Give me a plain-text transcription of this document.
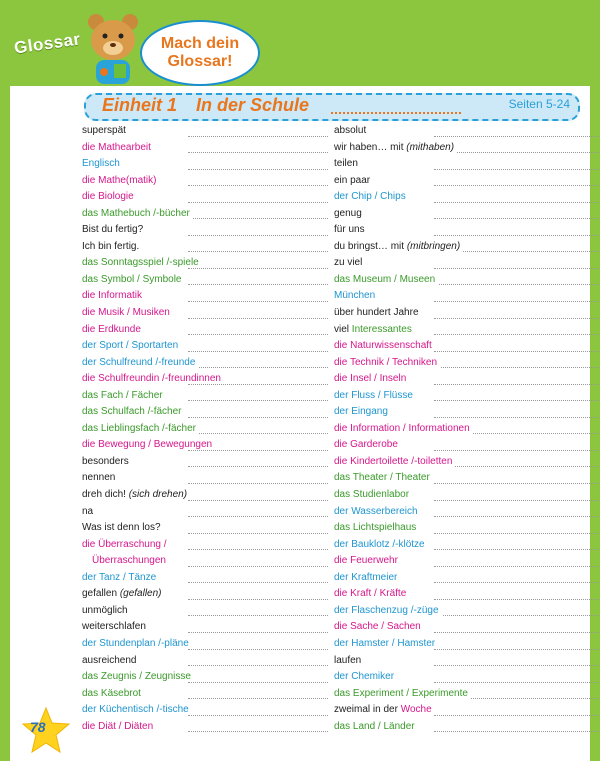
Glossar	Mach dein
Glossar!
Einheit 1 In der Schule	Seiten 5-24
superspät
die Mathearbeit
Englisch
die Mathe(matik)
die Biologie
das Mathebuch /-bücher
Bist du fertig?
Ich bin fertig.
das Sonntagsspiel /-spiele
das Symbol / Symbole
die Informatik
die Musik / Musiken
die Erdkunde
der Sport / Sportarten
der Schulfreund /-freunde
die Schulfreundin /-freundinnen
das Fach / Fächer
das Schulfach /-fächer
das Lieblingsfach /-fächer
die Bewegung / Bewegungen
besonders
nennen
dreh dich! (sich drehen)
na
Was ist denn los?
die Überraschung /
Überraschungen
der Tanz / Tänze
gefallen (gefallen)
unmöglich
weiterschlafen
der Stundenplan /-pläne
ausreichend
das Zeugnis / Zeugnisse
das Käsebrot
der Küchentisch /-tische
die Diät / Diäten
absolut
wir haben… mit (mithaben)
teilen
ein paar
der Chip / Chips
genug
für uns
du bringst… mit (mitbringen)
zu viel
das Museum / Museen
München
über hundert Jahre
viel Interessantes
die Naturwissenschaft
die Technik / Techniken
die Insel / Inseln
der Fluss / Flüsse
der Eingang
die Information / Informationen
die Garderobe
die Kindertoilette /-toiletten
das Theater / Theater
das Studienlabor
der Wasserbereich
das Lichtspielhaus
der Bauklotz /-klötze
die Feuerwehr
der Kraftmeier
die Kraft / Kräfte
der Flaschenzug /-züge
die Sache / Sachen
der Hamster / Hamster
laufen
der Chemiker
das Experiment / Experimente
zweimal in der Woche
das Land / Länder
78
